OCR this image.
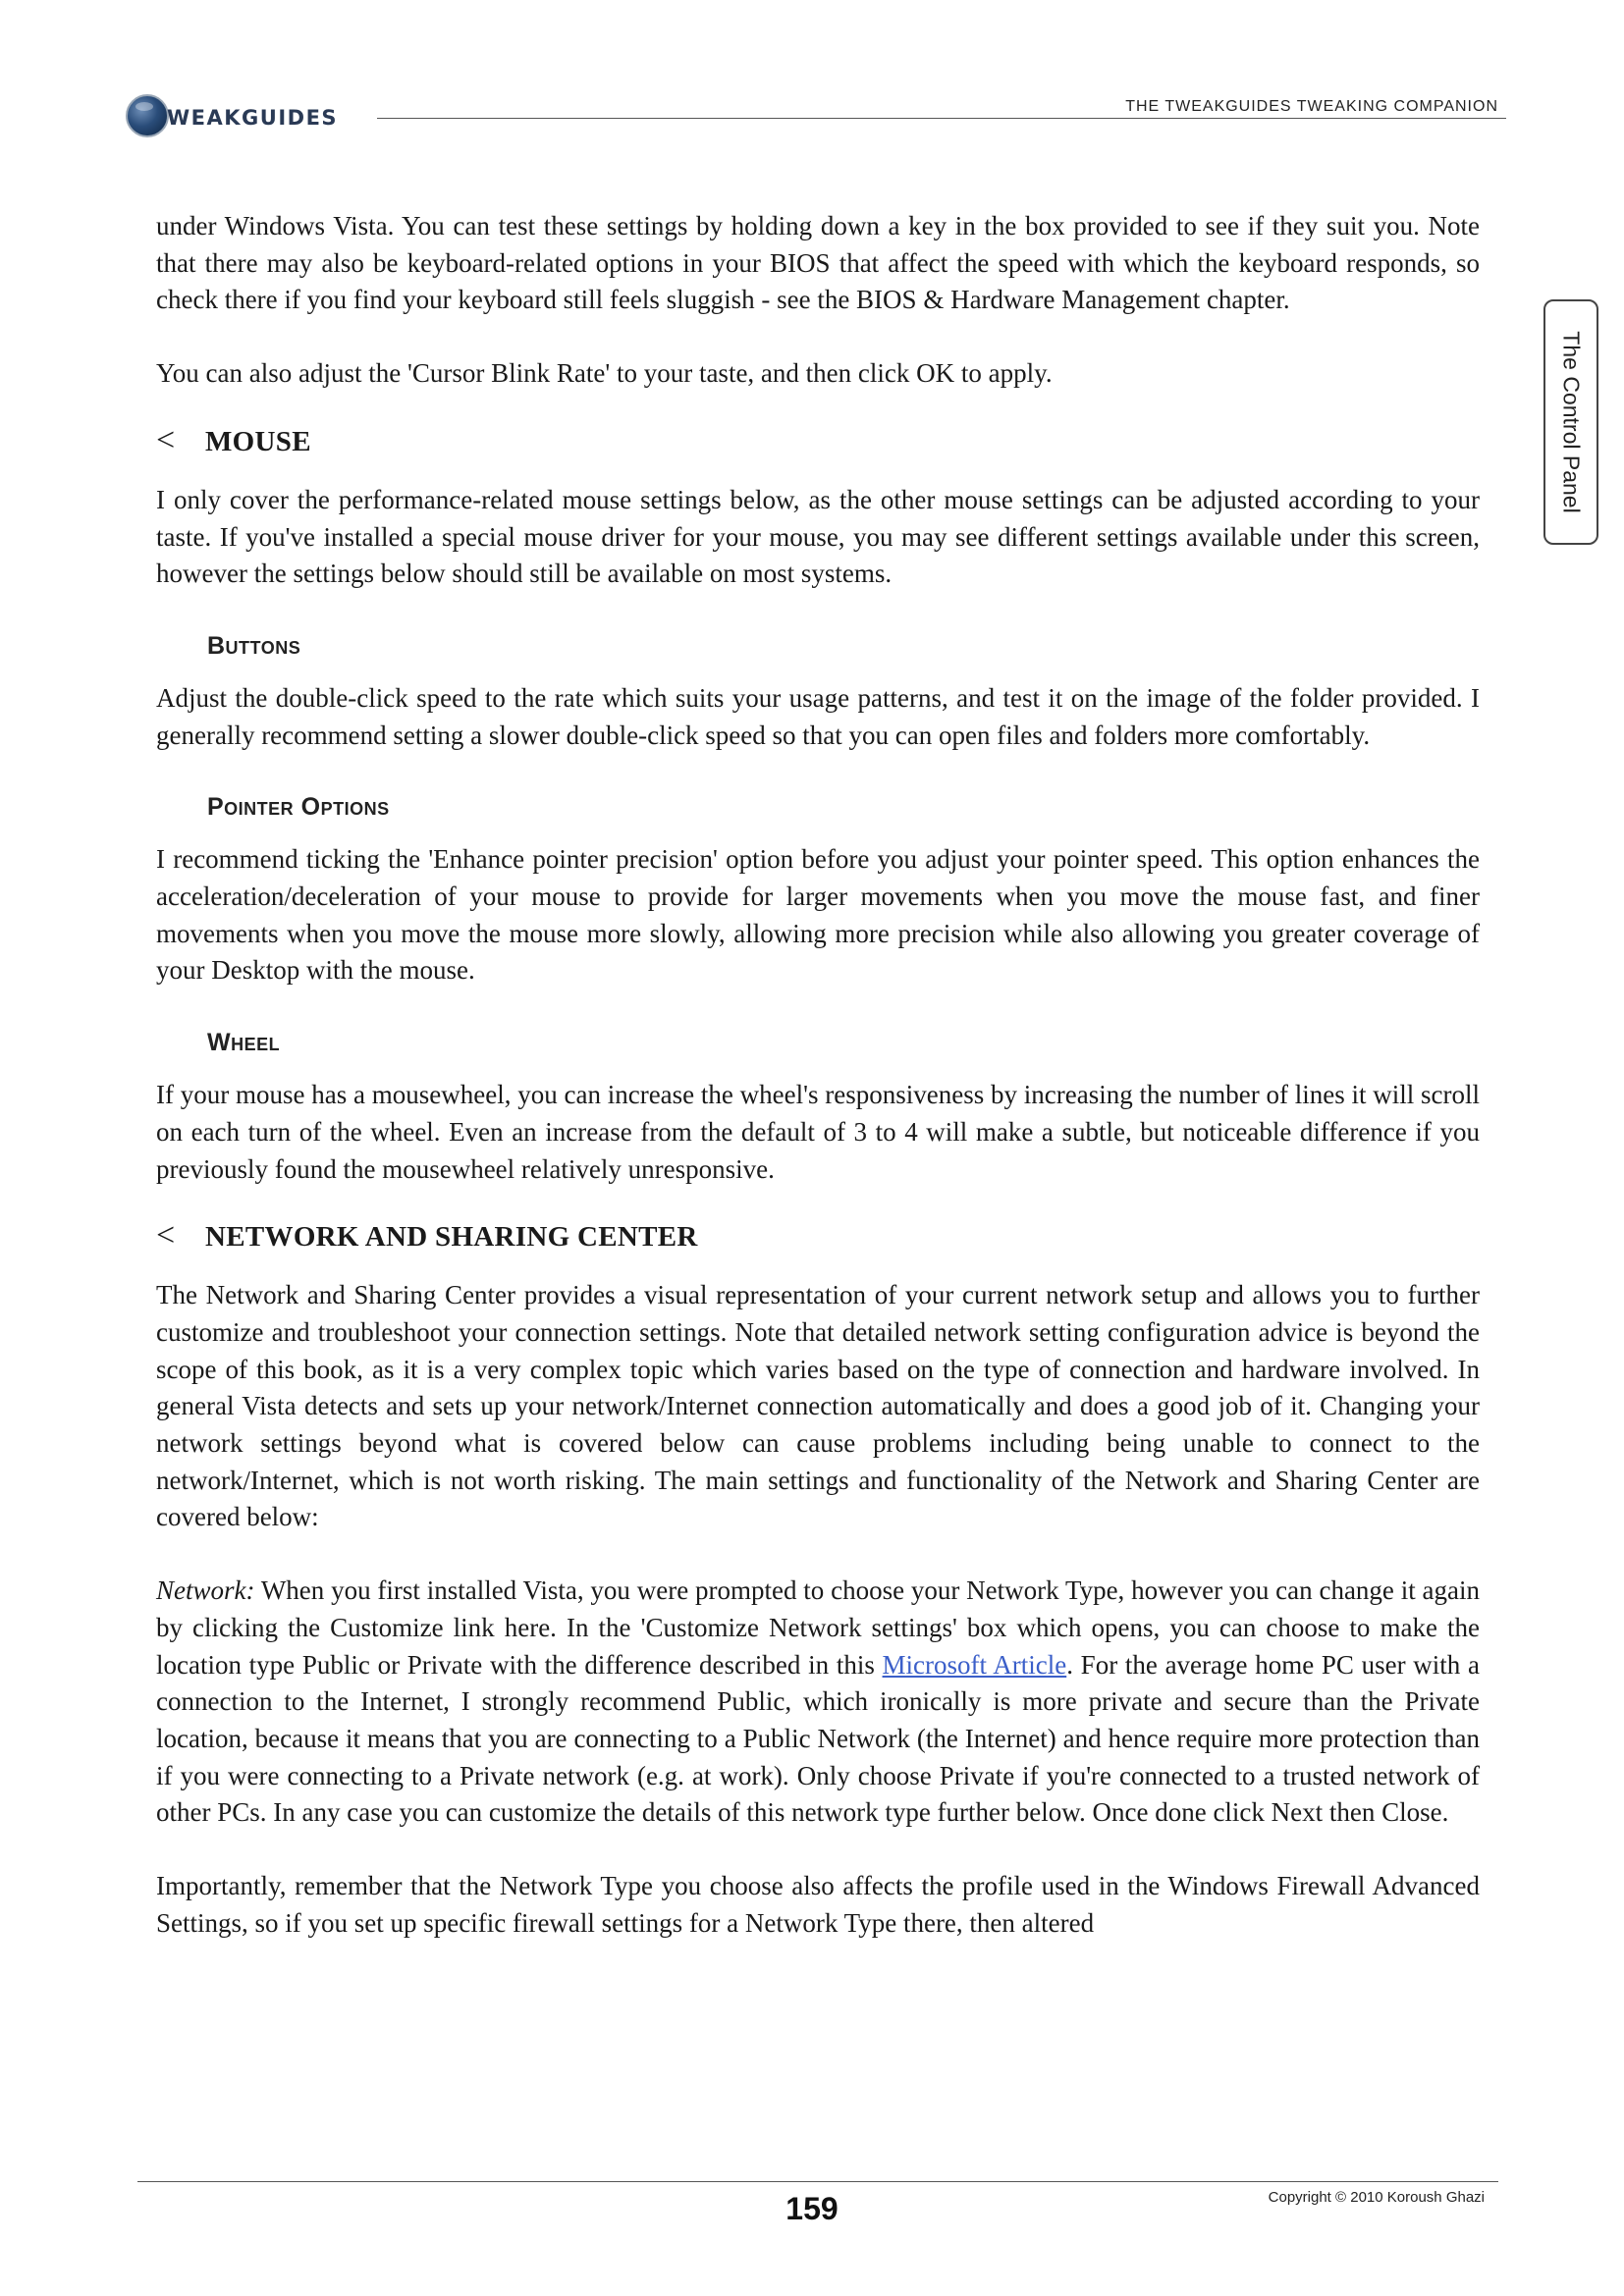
WEAKGUIDES	THE TWEAKGUIDES TWEAKING COMPANION
The Control Panel

under Windows Vista. You can test these settings by holding down a key in the box provided to see if they suit you. Note that there may also be keyboard-related options in your BIOS that affect the speed with which the keyboard responds, so check there if you find your keyboard still feels sluggish - see the BIOS & Hardware Management chapter.

You can also adjust the 'Cursor Blink Rate' to your taste, and then click OK to apply.

< MOUSE

I only cover the performance-related mouse settings below, as the other mouse settings can be adjusted according to your taste. If you've installed a special mouse driver for your mouse, you may see different settings available under this screen, however the settings below should still be available on most systems.

Buttons

Adjust the double-click speed to the rate which suits your usage patterns, and test it on the image of the folder provided. I generally recommend setting a slower double-click speed so that you can open files and folders more comfortably.

Pointer Options

I recommend ticking the 'Enhance pointer precision' option before you adjust your pointer speed. This option enhances the acceleration/deceleration of your mouse to provide for larger movements when you move the mouse fast, and finer movements when you move the mouse more slowly, allowing more precision while also allowing you greater coverage of your Desktop with the mouse.

Wheel

If your mouse has a mousewheel, you can increase the wheel's responsiveness by increasing the number of lines it will scroll on each turn of the wheel. Even an increase from the default of 3 to 4 will make a subtle, but noticeable difference if you previously found the mousewheel relatively unresponsive.

< NETWORK AND SHARING CENTER

The Network and Sharing Center provides a visual representation of your current network setup and allows you to further customize and troubleshoot your connection settings. Note that detailed network setting configuration advice is beyond the scope of this book, as it is a very complex topic which varies based on the type of connection and hardware involved. In general Vista detects and sets up your network/Internet connection automatically and does a good job of it. Changing your network settings beyond what is covered below can cause problems including being unable to connect to the network/Internet, which is not worth risking. The main settings and functionality of the Network and Sharing Center are covered below:

Network: When you first installed Vista, you were prompted to choose your Network Type, however you can change it again by clicking the Customize link here. In the 'Customize Network settings' box which opens, you can choose to make the location type Public or Private with the difference described in this Microsoft Article. For the average home PC user with a connection to the Internet, I strongly recommend Public, which ironically is more private and secure than the Private location, because it means that you are connecting to a Public Network (the Internet) and hence require more protection than if you were connecting to a Private network (e.g. at work). Only choose Private if you're connected to a trusted network of other PCs. In any case you can customize the details of this network type further below. Once done click Next then Close.

Importantly, remember that the Network Type you choose also affects the profile used in the Windows Firewall Advanced Settings, so if you set up specific firewall settings for a Network Type there, then altered

Copyright © 2010 Koroush Ghazi
159
